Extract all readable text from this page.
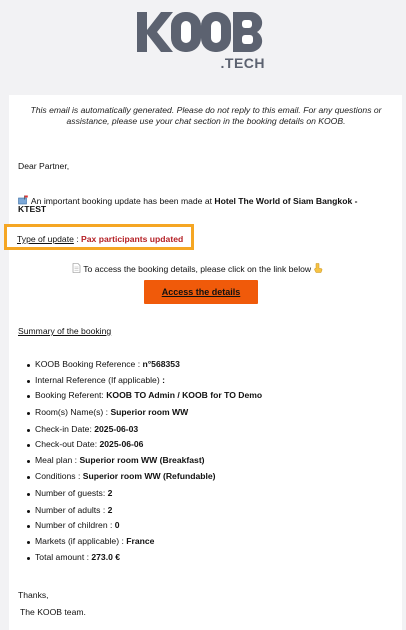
.TECH
This email is automatically generated. Please do not reply to this email. For any questions or assistance, please use your chat section in the booking details on KOOB.
Dear Partner,
An important booking update has been made at Hotel The World of Siam Bangkok -
KTEST
Type of update : Pax participants updated
To access the booking details, please click on the link below
Access the details
Summary of the booking
KOOB Booking Reference : n°568353
Internal Reference (If applicable) :
Booking Referent: KOOB TO Admin / KOOB for TO Demo
Room(s) Name(s) : Superior room WW
Check-in Date: 2025-06-03
Check-out Date: 2025-06-06
Meal plan : Superior room WW (Breakfast)
Conditions : Superior room WW (Refundable)
Number of guests: 2
Number of adults : 2
Number of children : 0
Markets (if applicable) : France
Total amount : 273.0 €
Thanks,
The KOOB team.
